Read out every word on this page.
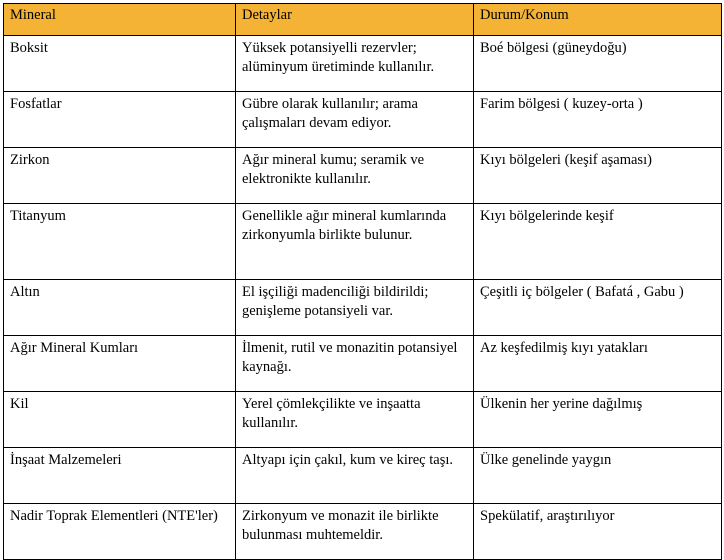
Mineral	Detaylar	Durum/Konum
Boksit	Yüksek potansiyelli rezervler; alüminyum üretiminde kullanılır.	Boé bölgesi (güneydoğu)
Fosfatlar	Gübre olarak kullanılır; arama çalışmaları devam ediyor.	Farim bölgesi ( kuzey-orta )
Zirkon	Ağır mineral kumu; seramik ve elektronikte kullanılır.	Kıyı bölgeleri (keşif aşaması)
Titanyum	Genellikle ağır mineral kumlarında zirkonyumla birlikte bulunur.	Kıyı bölgelerinde keşif
Altın	El işçiliği madenciliği bildirildi; genişleme potansiyeli var.	Çeşitli iç bölgeler ( Bafatá , Gabu )
Ağır Mineral Kumları	İlmenit, rutil ve monazitin potansiyel kaynağı.	Az keşfedilmiş kıyı yatakları
Kil	Yerel çömlekçilikte ve inşaatta kullanılır.	Ülkenin her yerine dağılmış
İnşaat Malzemeleri	Altyapı için çakıl, kum ve kireç taşı.	Ülke genelinde yaygın
Nadir Toprak Elementleri (NTE'ler)	Zirkonyum ve monazit ile birlikte bulunması muhtemeldir.	Spekülatif, araştırılıyor
